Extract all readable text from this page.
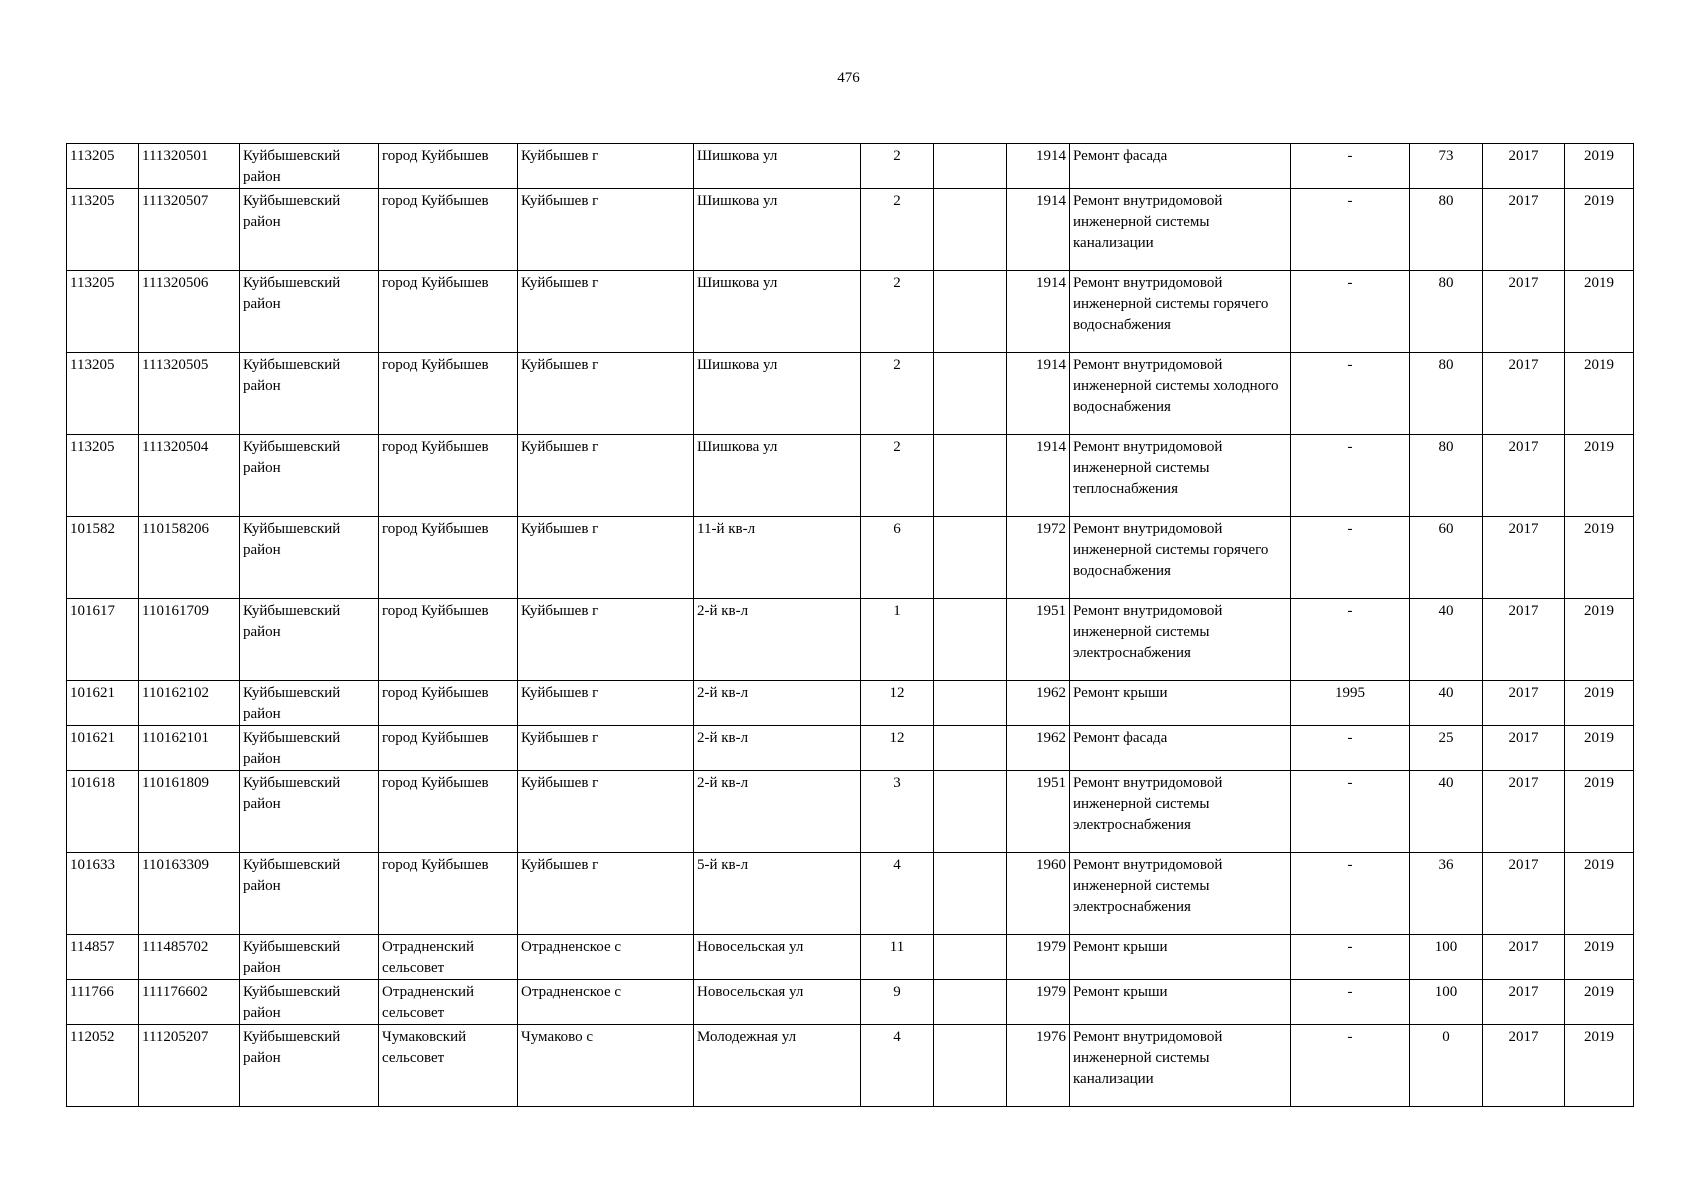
476
113205	111320501	Куйбышевский район	город Куйбышев	Куйбышев г	Шишкова ул	2		1914	Ремонт фасада	-	73	2017	2019
113205	111320507	Куйбышевский район	город Куйбышев	Куйбышев г	Шишкова ул	2		1914	Ремонт внутридомовой инженерной системы канализации	-	80	2017	2019
113205	111320506	Куйбышевский район	город Куйбышев	Куйбышев г	Шишкова ул	2		1914	Ремонт внутридомовой инженерной системы горячего водоснабжения	-	80	2017	2019
113205	111320505	Куйбышевский район	город Куйбышев	Куйбышев г	Шишкова ул	2		1914	Ремонт внутридомовой инженерной системы холодного водоснабжения	-	80	2017	2019
113205	111320504	Куйбышевский район	город Куйбышев	Куйбышев г	Шишкова ул	2		1914	Ремонт внутридомовой инженерной системы теплоснабжения	-	80	2017	2019
101582	110158206	Куйбышевский район	город Куйбышев	Куйбышев г	11-й кв-л	6		1972	Ремонт внутридомовой инженерной системы горячего водоснабжения	-	60	2017	2019
101617	110161709	Куйбышевский район	город Куйбышев	Куйбышев г	2-й кв-л	1		1951	Ремонт внутридомовой инженерной системы электроснабжения	-	40	2017	2019
101621	110162102	Куйбышевский район	город Куйбышев	Куйбышев г	2-й кв-л	12		1962	Ремонт крыши	1995	40	2017	2019
101621	110162101	Куйбышевский район	город Куйбышев	Куйбышев г	2-й кв-л	12		1962	Ремонт фасада	-	25	2017	2019
101618	110161809	Куйбышевский район	город Куйбышев	Куйбышев г	2-й кв-л	3		1951	Ремонт внутридомовой инженерной системы электроснабжения	-	40	2017	2019
101633	110163309	Куйбышевский район	город Куйбышев	Куйбышев г	5-й кв-л	4		1960	Ремонт внутридомовой инженерной системы электроснабжения	-	36	2017	2019
114857	111485702	Куйбышевский район	Отрадненский сельсовет	Отрадненское с	Новосельская ул	11		1979	Ремонт крыши	-	100	2017	2019
111766	111176602	Куйбышевский район	Отрадненский сельсовет	Отрадненское с	Новосельская ул	9		1979	Ремонт крыши	-	100	2017	2019
112052	111205207	Куйбышевский район	Чумаковский сельсовет	Чумаково с	Молодежная ул	4		1976	Ремонт внутридомовой инженерной системы канализации	-	0	2017	2019
